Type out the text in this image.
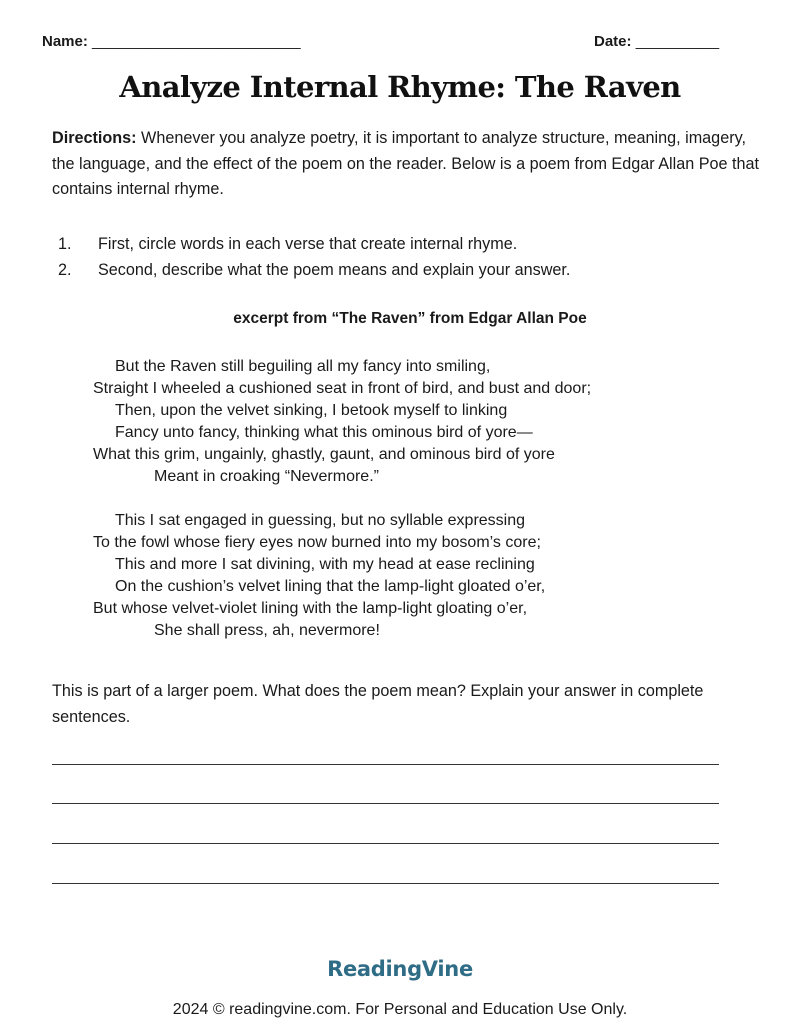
Name: _________________________	Date: __________
Analyze Internal Rhyme: The Raven
Directions: Whenever you analyze poetry, it is important to analyze structure, meaning, imagery, the language, and the effect of the poem on the reader. Below is a poem from Edgar Allan Poe that contains internal rhyme.
1.	First, circle words in each verse that create internal rhyme.
2.	Second, describe what the poem means and explain your answer.
excerpt from “The Raven” from Edgar Allan Poe
But the Raven still beguiling all my fancy into smiling,
Straight I wheeled a cushioned seat in front of bird, and bust and door;
Then, upon the velvet sinking, I betook myself to linking
Fancy unto fancy, thinking what this ominous bird of yore—
What this grim, ungainly, ghastly, gaunt, and ominous bird of yore
Meant in croaking “Nevermore.”
This I sat engaged in guessing, but no syllable expressing
To the fowl whose fiery eyes now burned into my bosom’s core;
This and more I sat divining, with my head at ease reclining
On the cushion’s velvet lining that the lamp-light gloated o’er,
But whose velvet-violet lining with the lamp-light gloating o’er,
She shall press, ah, nevermore!
This is part of a larger poem. What does the poem mean? Explain your answer in complete sentences.
ReadingVine
2024 © readingvine.com. For Personal and Education Use Only.
